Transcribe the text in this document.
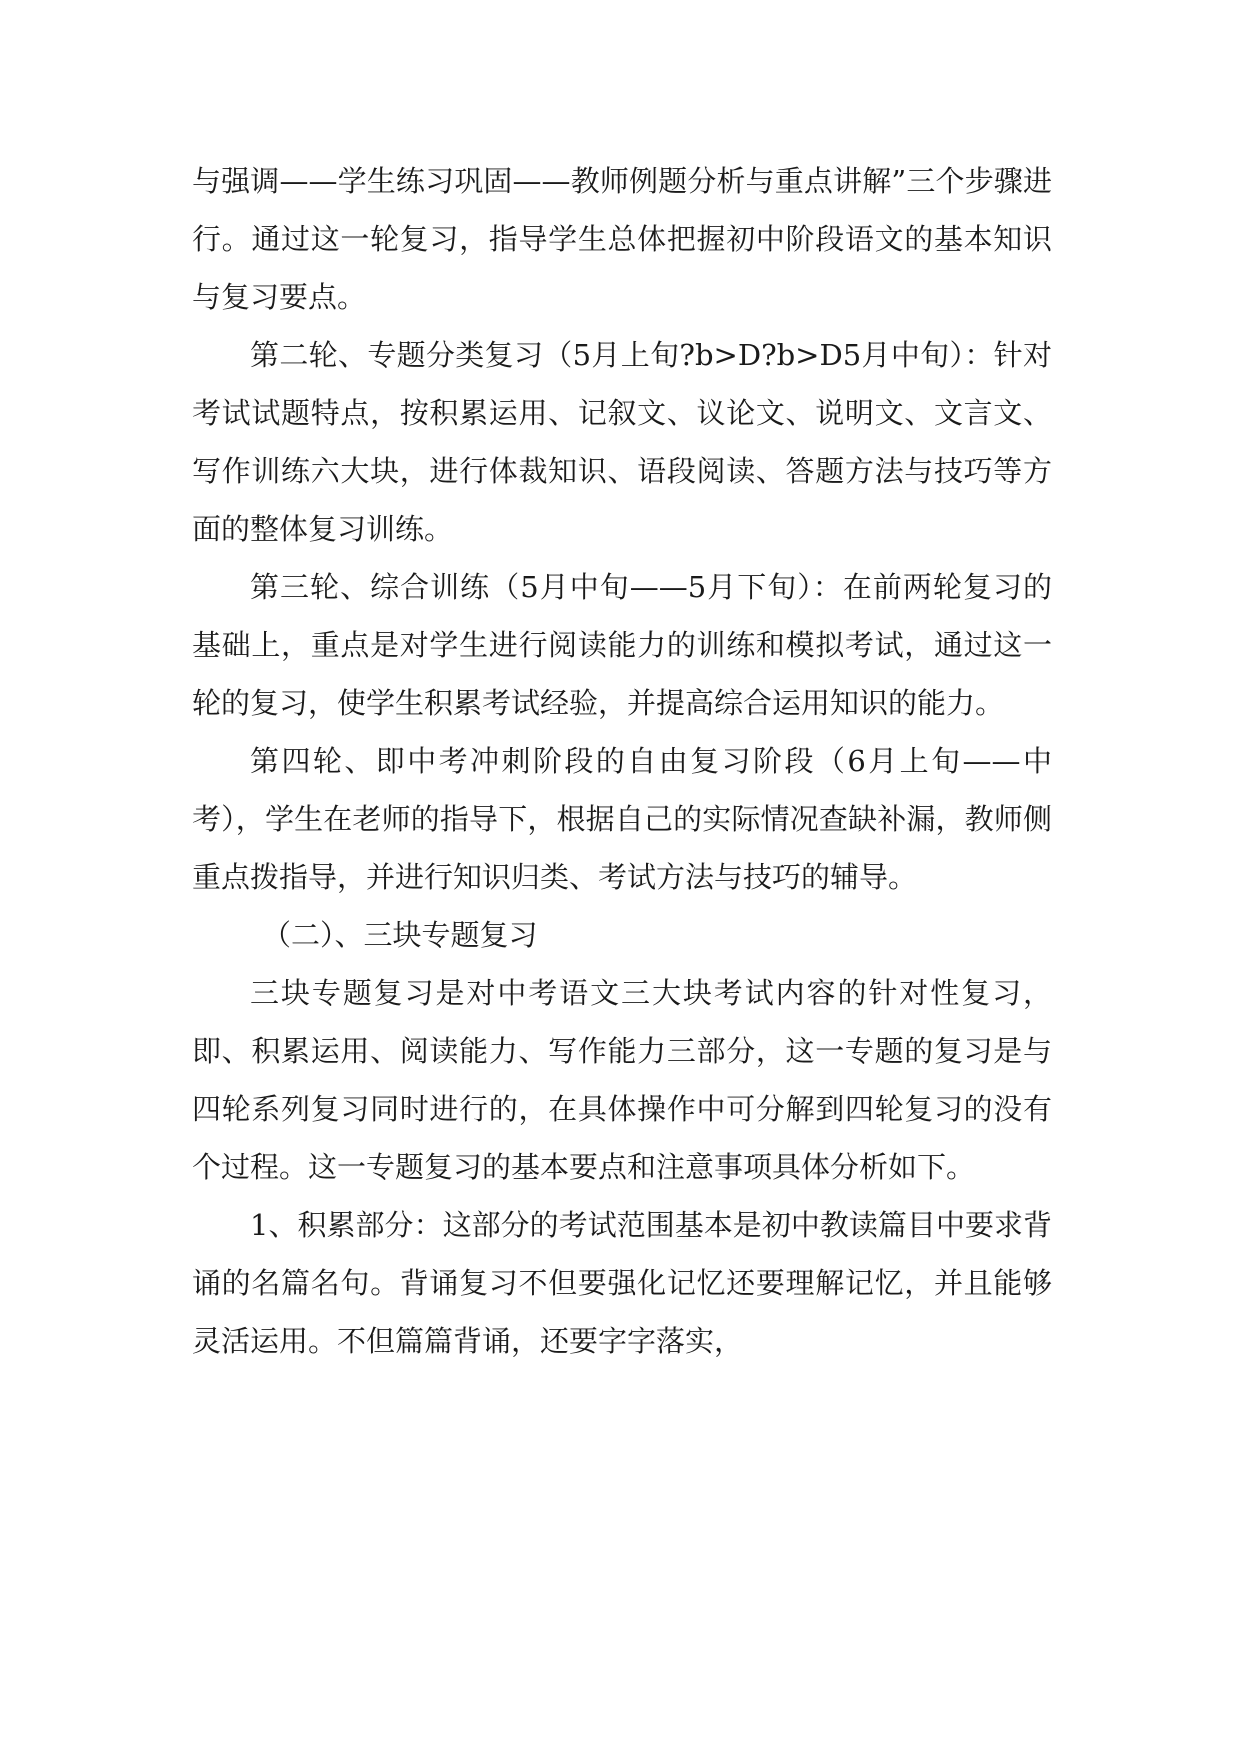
与强调——学生练习巩固——教师例题分析与重点讲解”三个步骤进行。通过这一轮复习，指导学生总体把握初中阶段语文的基本知识与复习要点。

第二轮、专题分类复习（5月上旬?b>D?b>D5月中旬）：针对考试试题特点，按积累运用、记叙文、议论文、说明文、文言文、写作训练六大块，进行体裁知识、语段阅读、答题方法与技巧等方面的整体复习训练。

第三轮、综合训练（5月中旬——5月下旬）：在前两轮复习的基础上，重点是对学生进行阅读能力的训练和模拟考试，通过这一轮的复习，使学生积累考试经验，并提高综合运用知识的能力。

第四轮、即中考冲刺阶段的自由复习阶段（6月上旬——中考），学生在老师的指导下，根据自己的实际情况查缺补漏，教师侧重点拨指导，并进行知识归类、考试方法与技巧的辅导。

（二）、三块专题复习

三块专题复习是对中考语文三大块考试内容的针对性复习，即、积累运用、阅读能力、写作能力三部分，这一专题的复习是与四轮系列复习同时进行的，在具体操作中可分解到四轮复习的没有个过程。这一专题复习的基本要点和注意事项具体分析如下。

1、积累部分：这部分的考试范围基本是初中教读篇目中要求背诵的名篇名句。背诵复习不但要强化记忆还要理解记忆，并且能够灵活运用。不但篇篇背诵，还要字字落实，
